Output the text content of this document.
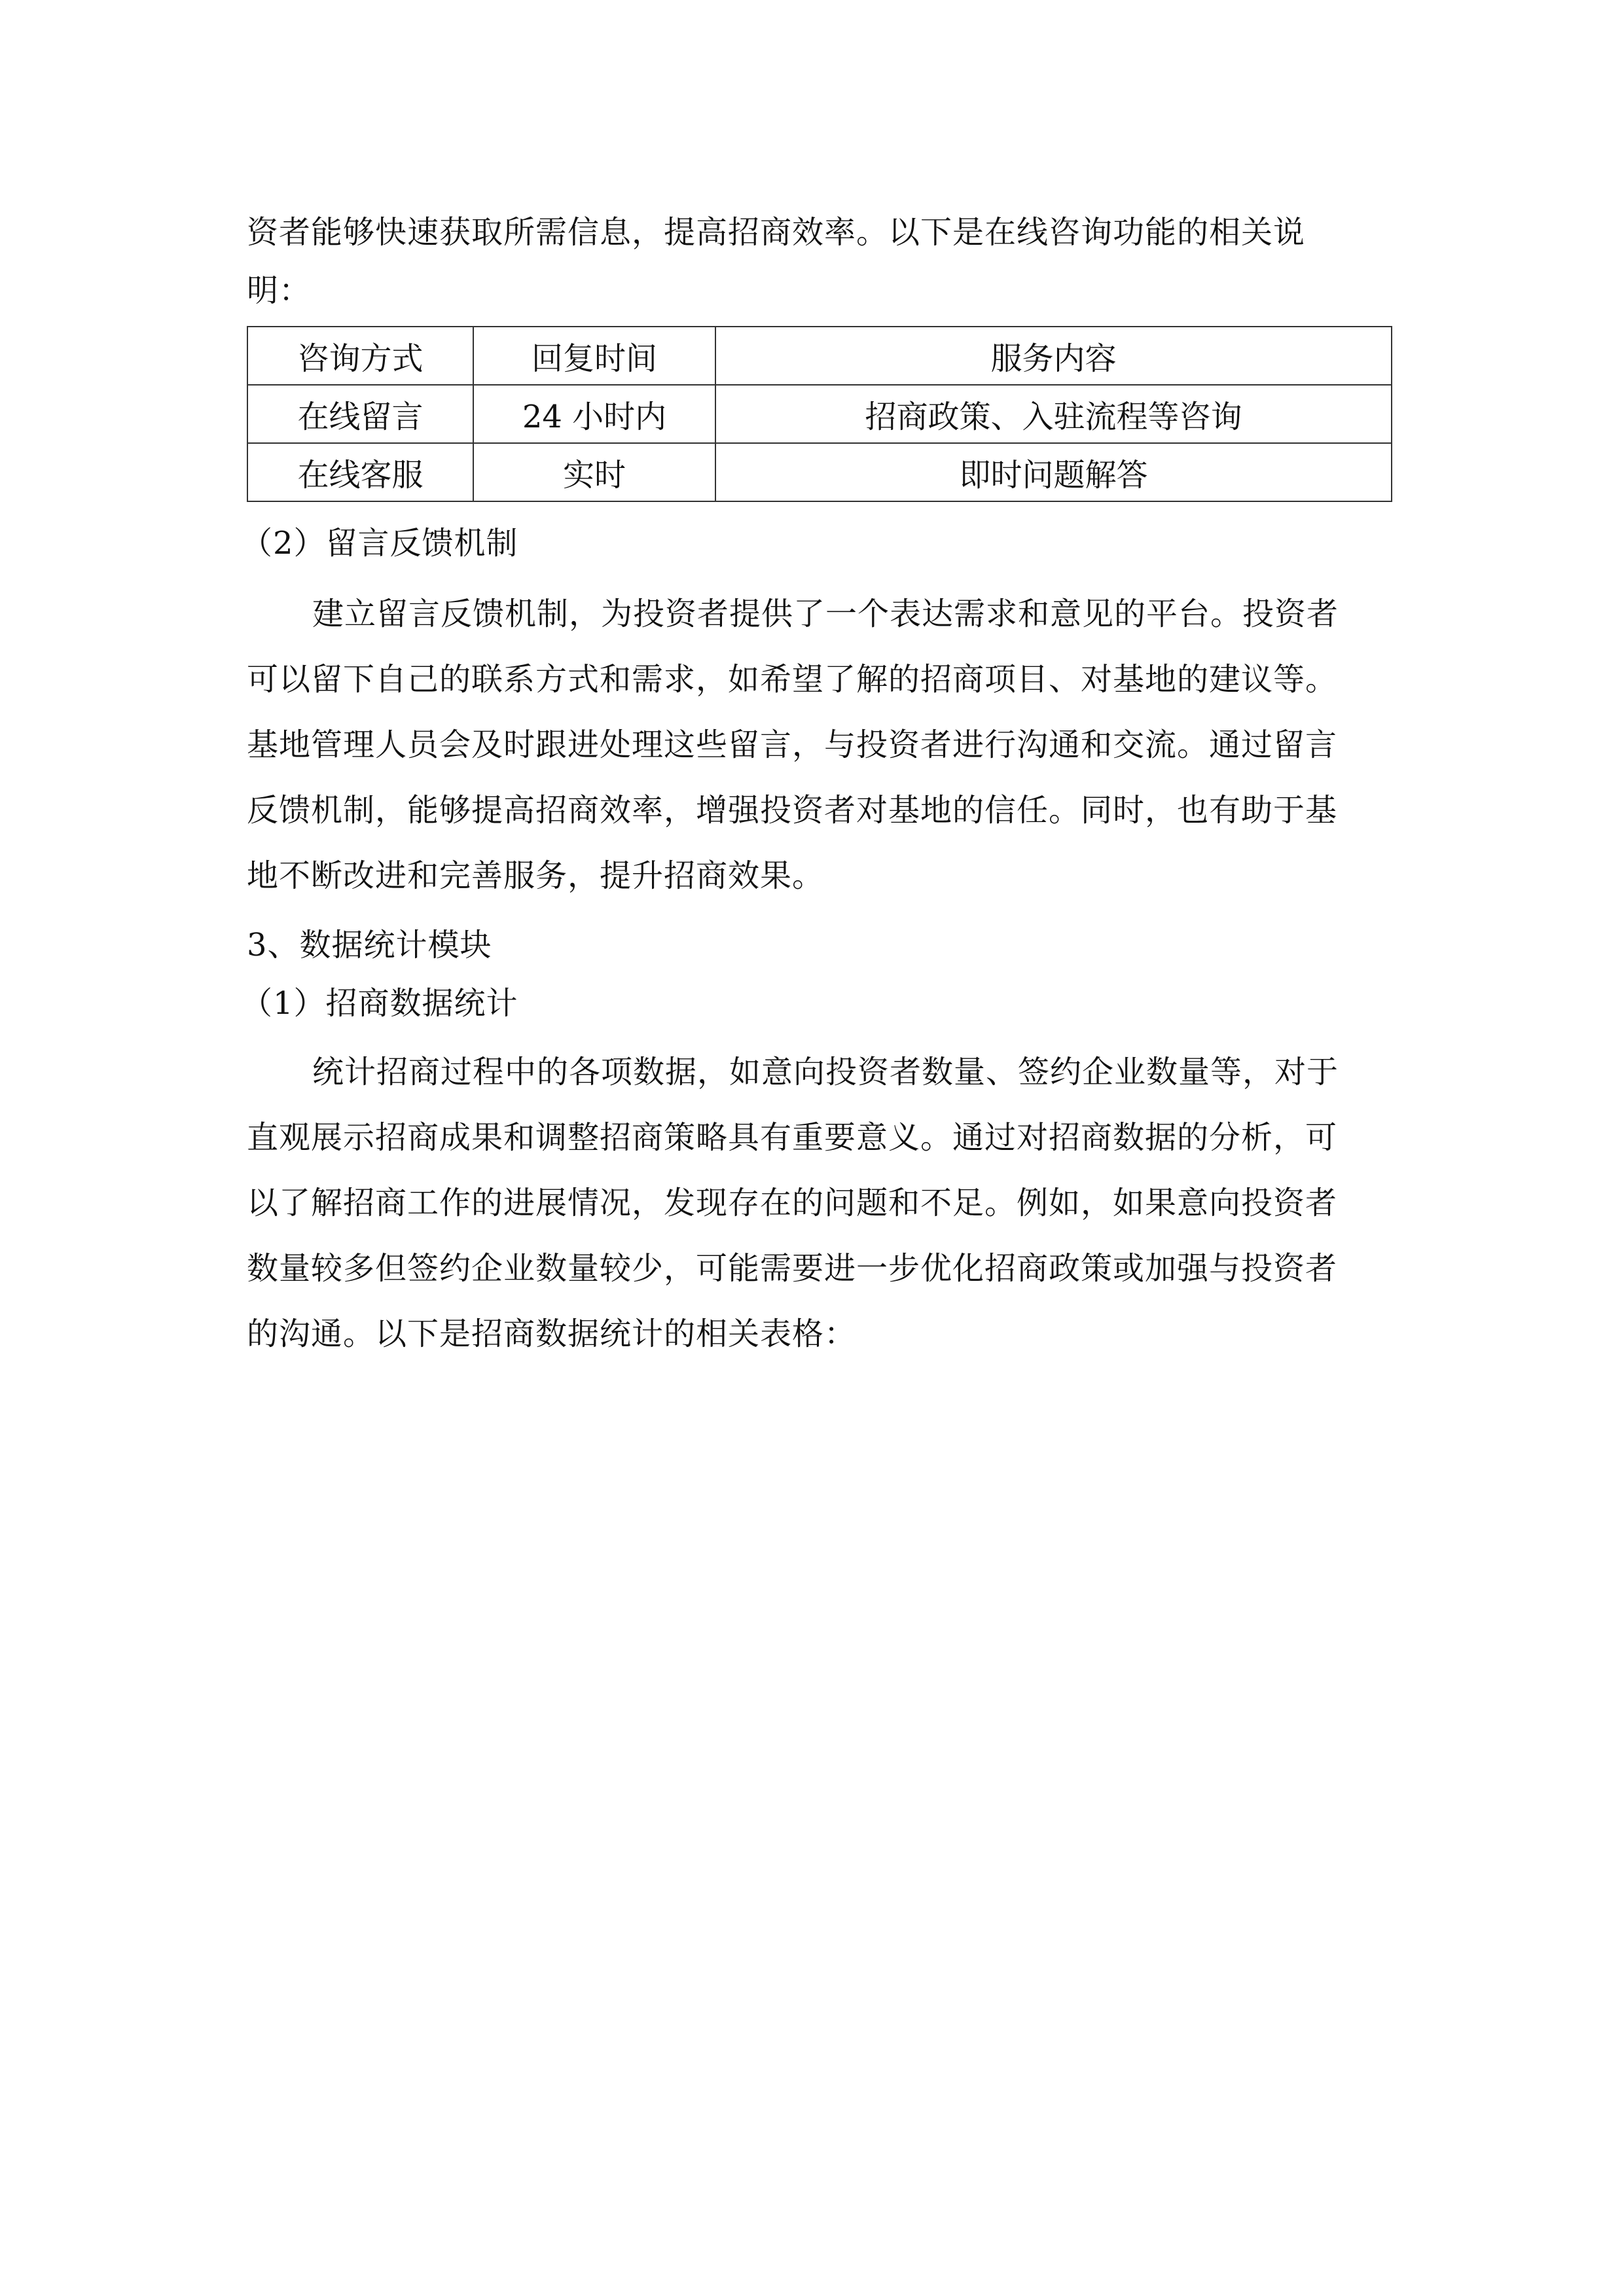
资者能够快速获取所需信息，提高招商效率。以下是在线咨询功能的相关说
明：
咨询方式	回复时间	服务内容
在线留言	24 小时内	招商政策、入驻流程等咨询
在线客服	实时	即时问题解答
（2）留言反馈机制
建立留言反馈机制，为投资者提供了一个表达需求和意见的平台。投资者
可以留下自己的联系方式和需求，如希望了解的招商项目、对基地的建议等。
基地管理人员会及时跟进处理这些留言，与投资者进行沟通和交流。通过留言
反馈机制，能够提高招商效率，增强投资者对基地的信任。同时，也有助于基
地不断改进和完善服务，提升招商效果。
3、数据统计模块
（1）招商数据统计
统计招商过程中的各项数据，如意向投资者数量、签约企业数量等，对于
直观展示招商成果和调整招商策略具有重要意义。通过对招商数据的分析，可
以了解招商工作的进展情况，发现存在的问题和不足。例如，如果意向投资者
数量较多但签约企业数量较少，可能需要进一步优化招商政策或加强与投资者
的沟通。以下是招商数据统计的相关表格：
